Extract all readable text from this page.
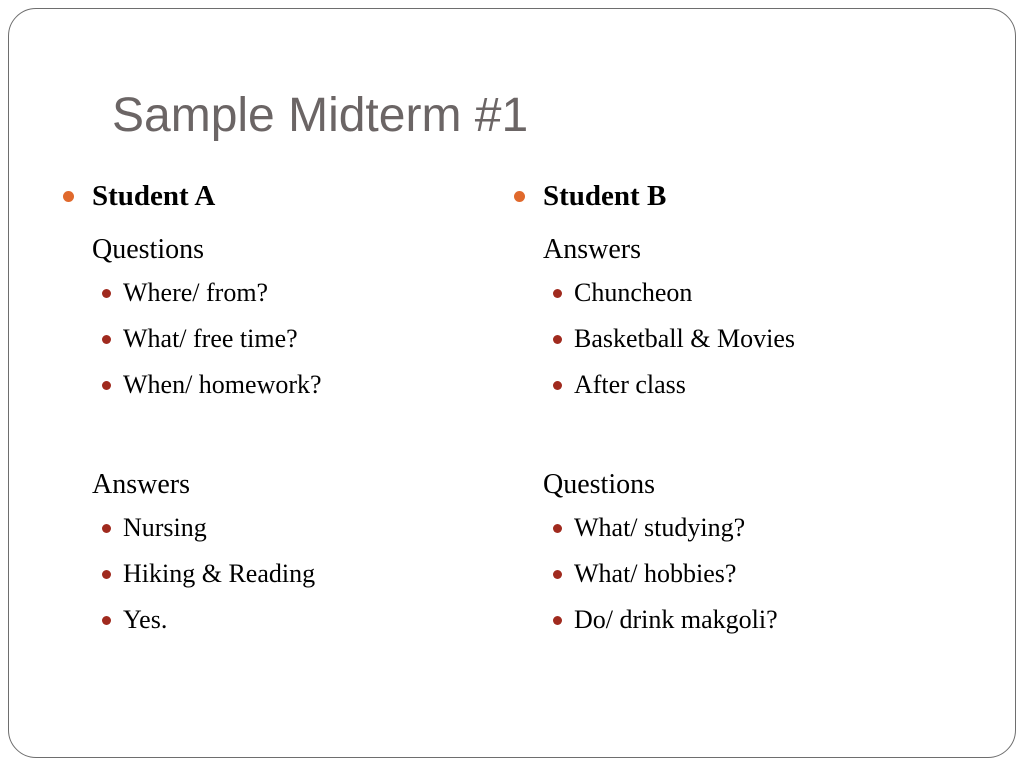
Sample Midterm #1
Student A
Questions
Where/ from?
What/ free time?
When/ homework?
Answers
Nursing
Hiking & Reading
Yes.
Student B
Answers
Chuncheon
Basketball & Movies
After class
Questions
What/ studying?
What/ hobbies?
Do/ drink makgoli?
